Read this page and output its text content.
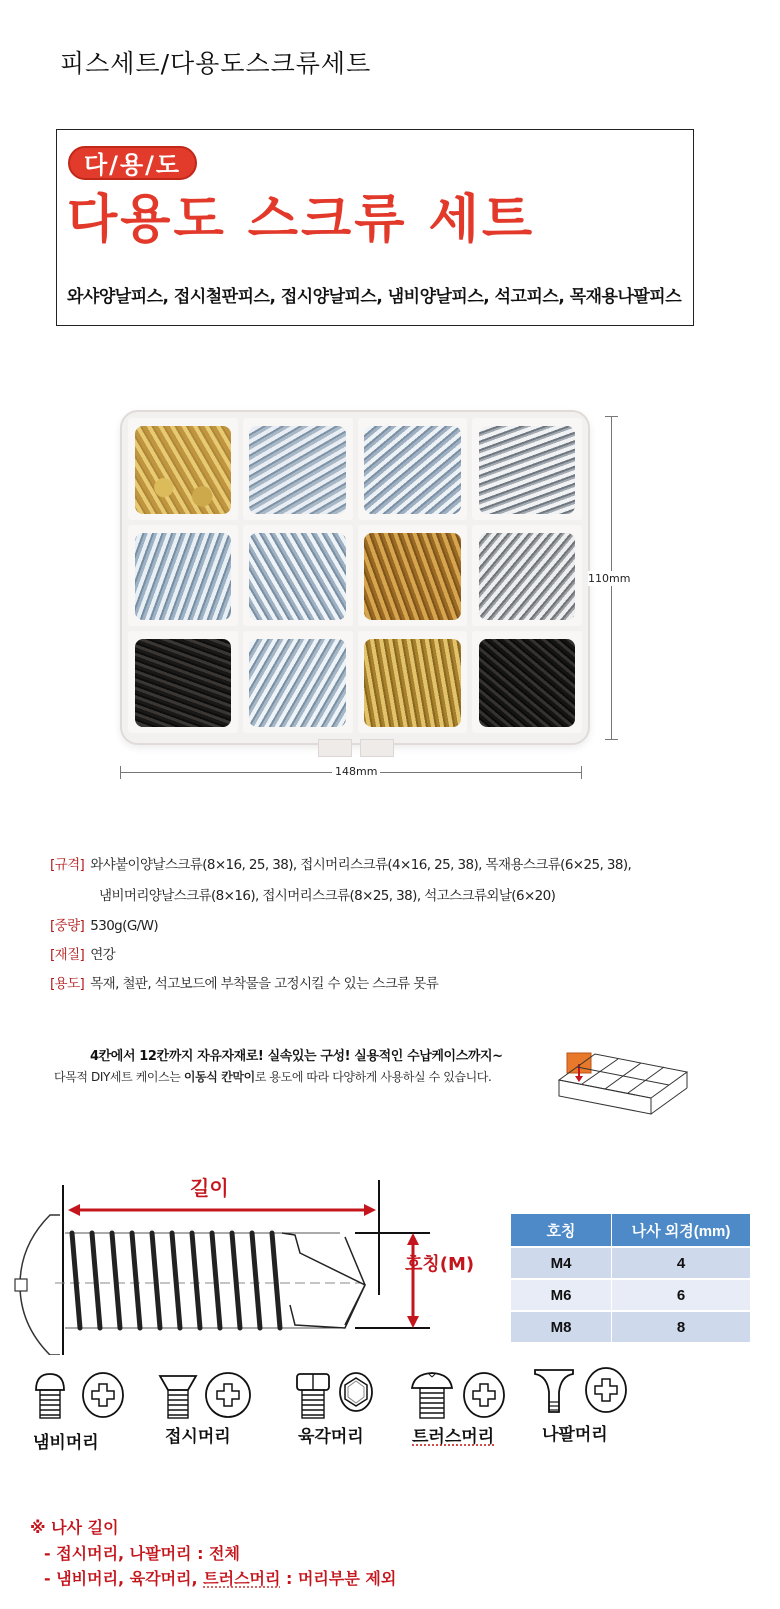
피스세트/다용도스크류세트
다/용/도
다용도 스크류 세트
와샤양날피스, 접시철판피스, 접시양날피스, 냄비양날피스, 석고피스, 목재용나팔피스
110mm
148mm
[규격] 와샤붙이양날스크류(8×16, 25, 38), 접시머리스크류(4×16, 25, 38), 목재용스크류(6×25, 38),
냄비머리양날스크류(8×16), 접시머리스크류(8×25, 38), 석고스크류외날(6×20)
[중량] 530g(G/W)
[재질] 연강
[용도] 목재, 철판, 석고보드에 부착물을 고정시킬 수 있는 스크류 못류
4칸에서 12칸까지 자유자재로! 실속있는 구성! 실용적인 수납케이스까지~
다목적 DIY세트 케이스는 이동식 칸막이로 용도에 따라 다양하게 사용하실 수 있습니다.
길이
호칭(M)
호칭	나사 외경(mm)
M4	4
M6	6
M8	8
냄비머리	접시머리	육각머리	트러스머리	나팔머리
※ 나사 길이
- 접시머리, 나팔머리 : 전체
- 냄비머리, 육각머리, 트러스머리 : 머리부분 제외
